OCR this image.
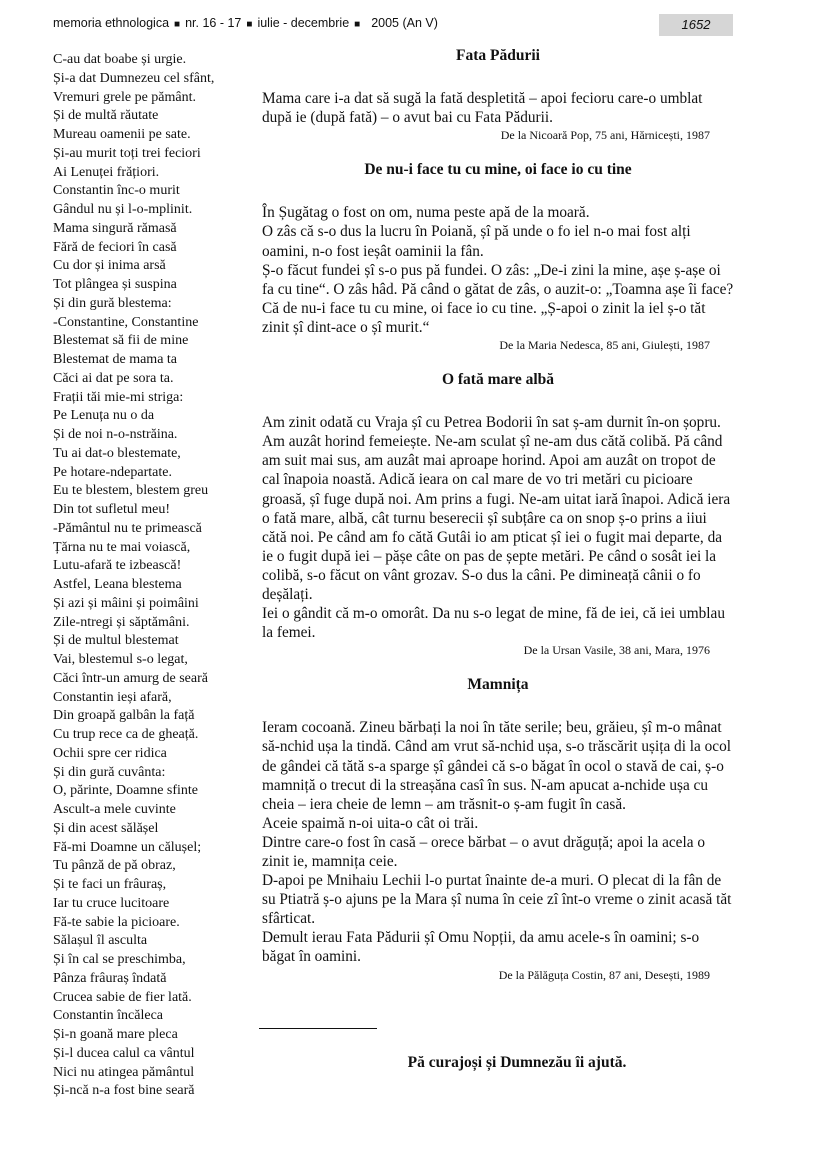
memoria ethnologica ■ nr. 16 - 17 ■ iulie - decembrie ■ 2005 (An V)	1652
C-au dat boabe și urgie.
Și-a dat Dumnezeu cel sfânt,
Vremuri grele pe pământ.
Și de multă răutate
Mureau oamenii pe sate.
Și-au murit toți trei feciori
Ai Lenuței frățiori.
Constantin înc-o murit
Gândul nu și l-o-mplinit.
Mama singură rămasă
Fără de feciori în casă
Cu dor și inima arsă
Tot plângea și suspina
Și din gură blestema:
-Constantine, Constantine
Blestemat să fii de mine
Blestemat de mama ta
Căci ai dat pe sora ta.
Frații tăi mie-mi striga:
Pe Lenuța nu o da
Și de noi n-o-nstrăina.
Tu ai dat-o blestemate,
Pe hotare-ndepartate.
Eu te blestem, blestem greu
Din tot sufletul meu!
-Pământul nu te primească
Țărna nu te mai voiască,
Lutu-afară te izbească!
Astfel, Leana blestema
Și azi și mâini și poimâini
Zile-ntregi și săptămâni.
Și de multul blestemat
Vai, blestemul s-o legat,
Căci într-un amurg de seară
Constantin ieși afară,
Din groapă galbân la față
Cu trup rece ca de gheață.
Ochii spre cer ridica
Și din gură cuvânta:
O, părinte, Doamne sfinte
Ascult-a mele cuvinte
Și din acest sălășel
Fă-mi Doamne un călușel;
Tu pânză de pă obraz,
Și te faci un frâuraș,
Iar tu cruce lucitoare
Fă-te sabie la picioare.
Sălașul îl asculta
Și în cal se preschimba,
Pânza frâuraș îndată
Crucea sabie de fier lată.
Constantin încăleca
Și-n goană mare pleca
Și-l ducea calul ca vântul
Nici nu atingea pământul
Și-ncă n-a fost bine seară
Fata Pădurii

Mama care i-a dat să sugă la fată despletită – apoi fecioru care-o umblat după ie (după fată) – o avut bai cu Fata Pădurii.

De la Nicoară Pop, 75 ani, Hărnicești, 1987

De nu-i face tu cu mine, oi face io cu tine

În Șugătag o fost on om, numa peste apă de la moară.

O zâs că s-o dus la lucru în Poiană, șî pă unde o fo iel n-o mai fost alți oamini, n-o fost ieșât oaminii la fân.

Ș-o făcut fundei șî s-o pus pă fundei. O zâs: „De-i zini la mine, așe ș-așe oi fa cu tine“. O zâs hâd. Pă când o gătat de zâs, o auzit-o: „Toamna așe îi face? Că de nu-i face tu cu mine, oi face io cu tine. „Ș-apoi o zinit la iel ș-o tăt zinit șî dint-ace o șî murit.“

De la Maria Nedesca, 85 ani, Giulești, 1987

O fată mare albă

Am zinit odată cu Vraja șî cu Petrea Bodorii în sat ș-am durnit în-on șopru. Am auzât horind femeiește. Ne-am sculat șî ne-am dus cătă colibă. Pă când am suit mai sus, am auzât mai aproape horind. Apoi am auzât on tropot de cal înapoia noastă. Adică ieara on cal mare de vo tri metări cu picioare groasă, șî fuge după noi. Am prins a fugi. Ne-am uitat iară înapoi. Adică iera o fată mare, albă, cât turnu beserecii șî subțâre ca on snop ș-o prins a iiui cătă noi. Pe când am fo cătă Gutâi io am pticat șî iei o fugit mai departe, da ie o fugit după iei – pășe câte on pas de șepte metări. Pe când o sosât iei la colibă, s-o făcut on vânt grozav. S-o dus la câni. Pe dimineață cânii o fo deșălați.

Iei o gândit că m-o omorât. Da nu s-o legat de mine, fă de iei, că iei umblau la femei.

De la Ursan Vasile, 38 ani, Mara, 1976

Mamnița

Ieram cocoană. Zineu bărbați la noi în tăte serile; beu, grăieu, șî m-o mânat să-nchid ușa la tindă. Când am vrut să-nchid ușa, s-o trăscărit ușița di la ocol de gândei că tătă s-a sparge șî gândei că s-o băgat în ocol o stavă de cai, ș-o mamniță o trecut di la streașăna casî în sus. N-am apucat a-nchide ușa cu cheia – iera cheie de lemn – am trăsnit-o ș-am fugit în casă.

Aceie spaimă n-oi uita-o cât oi trăi.

Dintre care-o fost în casă – orece bărbat – o avut drăguță; apoi la acela o zinit ie, mamnița ceie.

D-apoi pe Mnihaiu Lechii l-o purtat înainte de-a muri. O plecat di la fân de su Ptiatră ș-o ajuns pe la Mara șî numa în ceie zî înt-o vreme o zinit acasă tăt sfârticat.

Demult ierau Fata Pădurii șî Omu Nopții, da amu acele-s în oamini; s-o băgat în oamini.

De la Pălăguța Costin, 87 ani, Desești, 1989

Pă curajoși și Dumnezău îi ajută.
